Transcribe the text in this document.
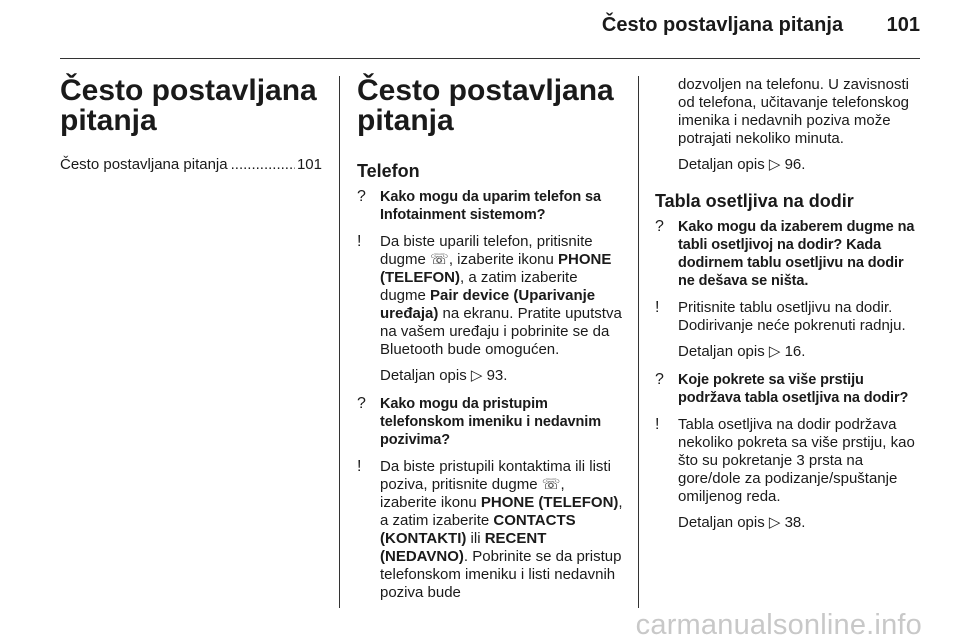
Često postavljana pitanja 101
Često postavljana
pitanja
Često postavljana pitanja
.....	101
Često postavljana
pitanja
Telefon
? Kako mogu da uparim telefon sa Infotainment sistemom?
!	Da biste uparili telefon, pritisnite dugme ☏, izaberite ikonu PHONE (TELEFON), a zatim izaberite dugme Pair device (Uparivanje uređaja) na ekranu. Pratite uputstva na vašem uređaju i pobrinite se da Bluetooth bude omogućen.
Detaljan opis ▷ 93.
? Kako mogu da pristupim telefonskom imeniku i nedavnim pozivima?
!	Da biste pristupili kontaktima ili listi poziva, pritisnite dugme ☏, izaberite ikonu PHONE (TELEFON), a zatim izaberite CONTACTS (KONTAKTI) ili RECENT (NEDAVNO). Pobrinite se da pristup telefonskom imeniku i listi nedavnih poziva bude
dozvoljen na telefonu. U zavisnosti od telefona, učitavanje telefonskog imenika i nedavnih poziva može potrajati nekoliko minuta.
Detaljan opis ▷ 96.
Tabla osetljiva na dodir
? Kako mogu da izaberem dugme na tabli osetljivoj na dodir? Kada dodirnem tablu osetljivu na dodir ne dešava se ništa.
!	Pritisnite tablu osetljivu na dodir. Dodirivanje neće pokrenuti radnju.
Detaljan opis ▷ 16.
? Koje pokrete sa više prstiju podržava tabla osetljiva na dodir?
!	Tabla osetljiva na dodir podržava nekoliko pokreta sa više prstiju, kao što su pokretanje 3 prsta na gore/dole za podizanje/spuštanje omiljenog reda.
Detaljan opis ▷ 38.
carmanualsonline.info
